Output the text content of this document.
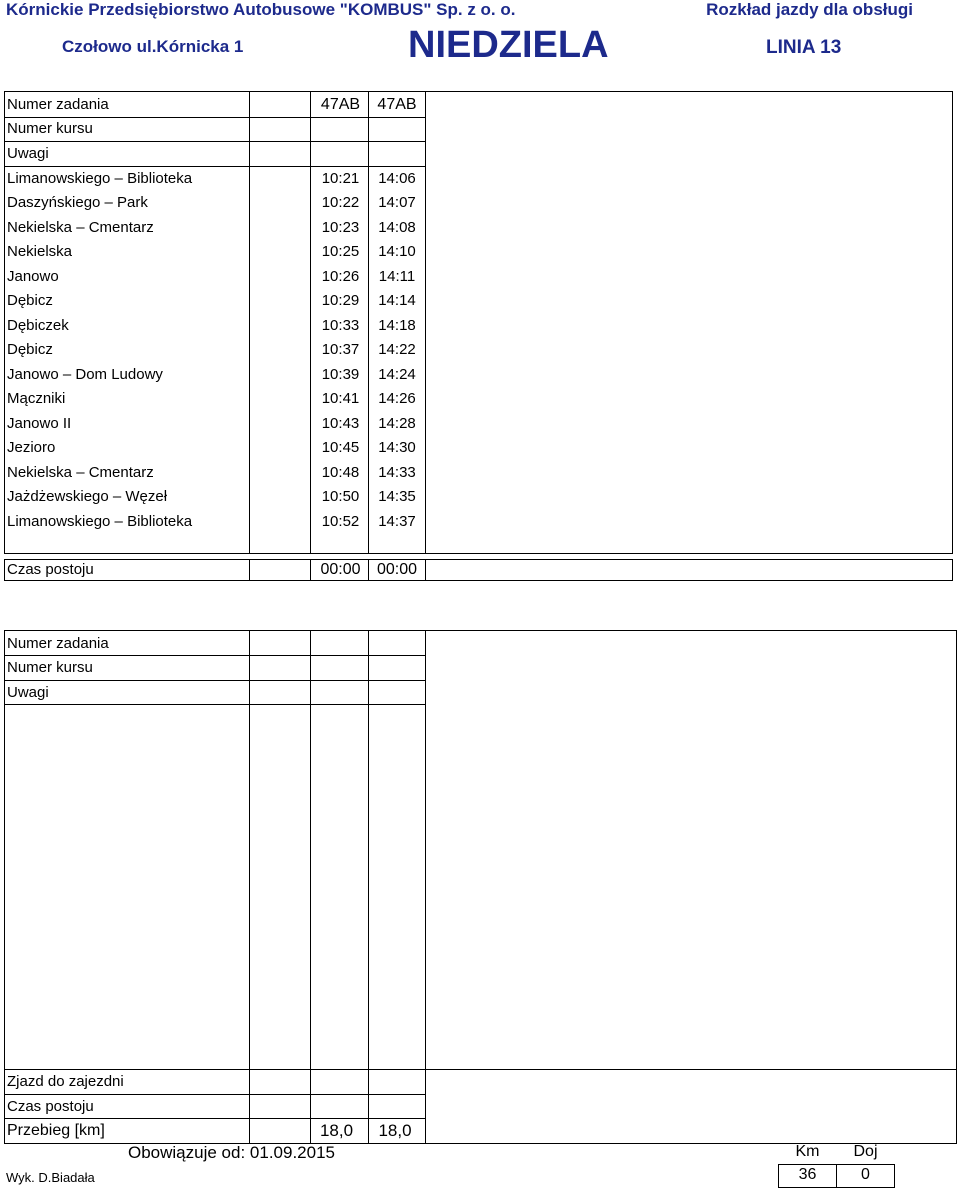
Kórnickie Przedsiębiorstwo Autobusowe "KOMBUS" Sp. z o. o.	Rozkład jazdy dla obsługi
Czołowo ul.Kórnicka 1	NIEDZIELA	LINIA 13
Numer zadania	47AB	47AB
Numer kursu
Uwagi
Limanowskiego – Biblioteka	10:21	14:06
Daszyńskiego – Park	10:22	14:07
Nekielska – Cmentarz	10:23	14:08
Nekielska	10:25	14:10
Janowo	10:26	14:11
Dębicz	10:29	14:14
Dębiczek	10:33	14:18
Dębicz	10:37	14:22
Janowo – Dom Ludowy	10:39	14:24
Mączniki	10:41	14:26
Janowo II	10:43	14:28
Jezioro	10:45	14:30
Nekielska – Cmentarz	10:48	14:33
Jażdżewskiego – Węzeł	10:50	14:35
Limanowskiego – Biblioteka	10:52	14:37
Czas postoju	00:00	00:00
Numer zadania
Numer kursu
Uwagi
Zjazd do zajezdni
Czas postoju
Przebieg [km]	18,0	18,0
Obowiązuje od: 01.09.2015
Wyk. D.Biadała
Km	Doj
36	0
